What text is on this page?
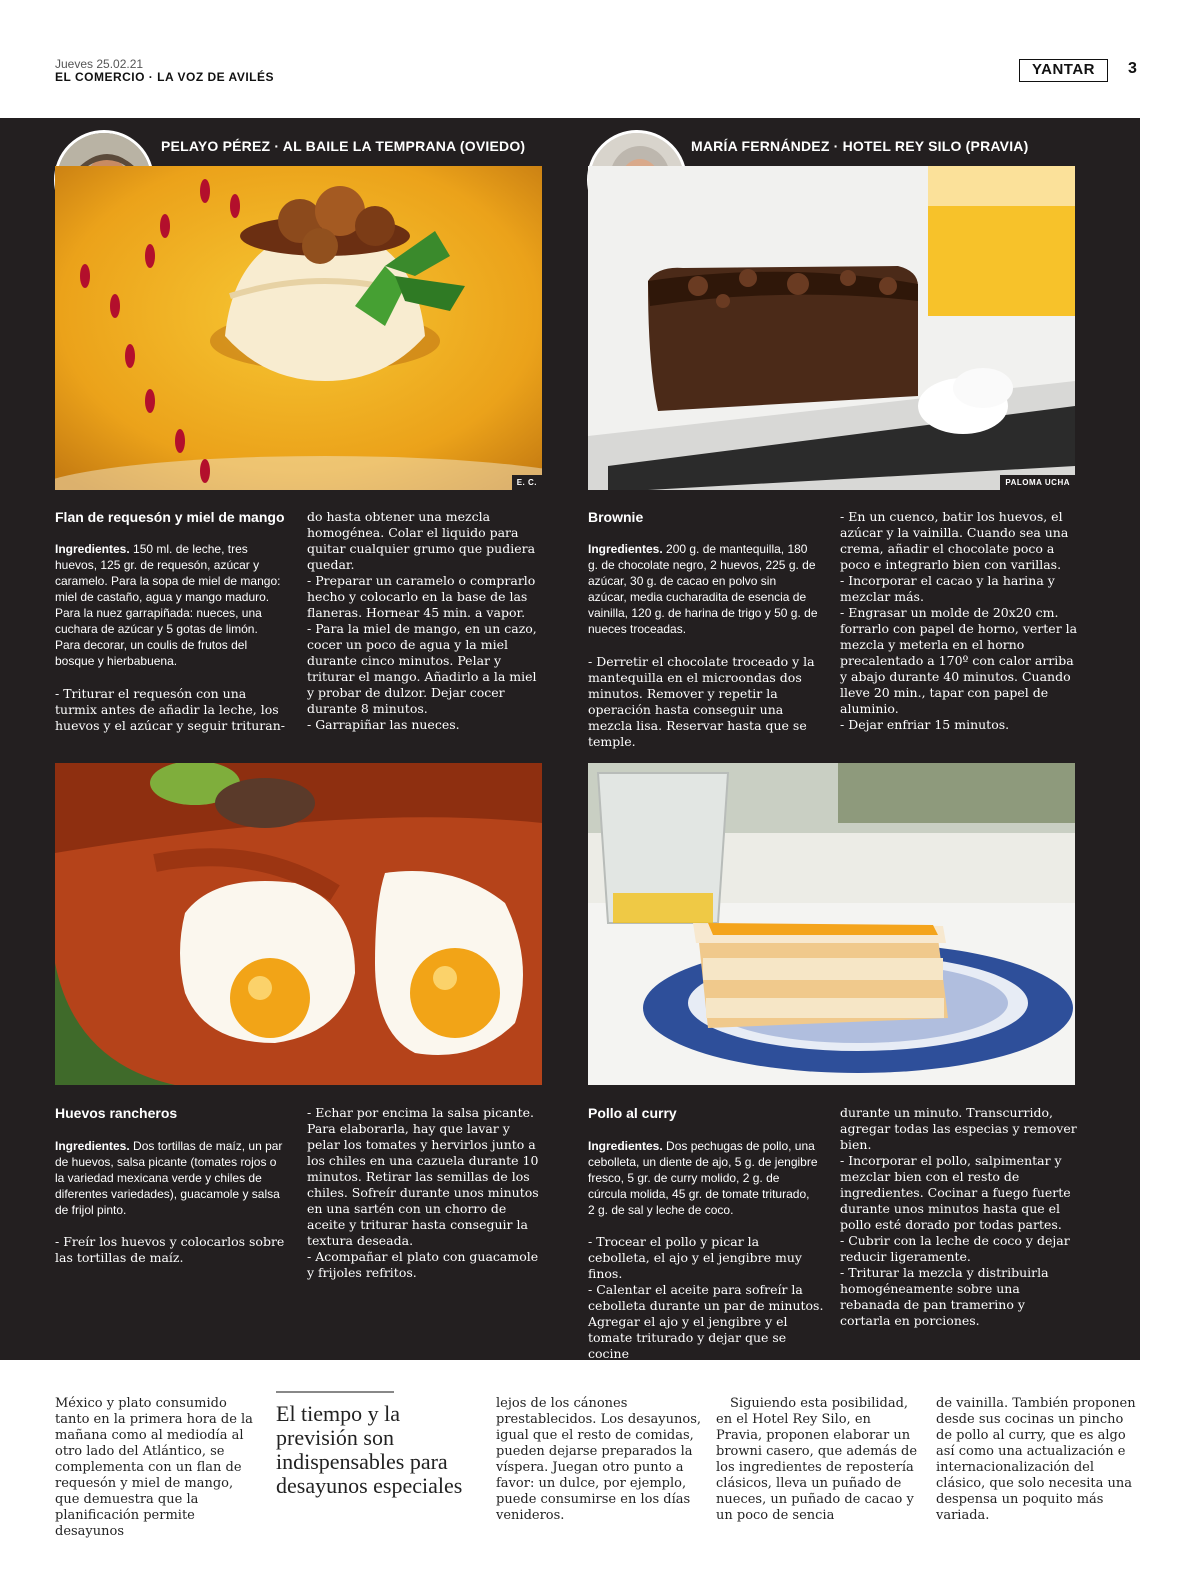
Jueves 25.02.21
EL COMERCIO · LA VOZ DE AVILÉS	YANTAR	3
PELAYO PÉREZ · AL BAILE LA TEMPRANA (OVIEDO)	MARÍA FERNÁNDEZ · HOTEL REY SILO (PRAVIA)
E. C.	PALOMA UCHA
Flan de requesón y miel de mango
Ingredientes. 150 ml. de leche, tres huevos, 125 gr. de requesón, azúcar y caramelo. Para la sopa de miel de mango: miel de castaño, agua y mango maduro. Para la nuez garrapiñada: nueces, una cuchara de azúcar y 5 gotas de limón. Para decorar, un coulis de frutos del bosque y hierbabuena.
- Triturar el requesón con una turmix antes de añadir la leche, los huevos y el azúcar y seguir trituran-
do hasta obtener una mezcla homogénea. Colar el liquido para quitar cualquier grumo que pudiera quedar.
- Preparar un caramelo o comprarlo hecho y colocarlo en la base de las flaneras. Hornear 45 min. a vapor.
- Para la miel de mango, en un cazo, cocer un poco de agua y la miel durante cinco minutos. Pelar y triturar el mango. Añadirlo a la miel y probar de dulzor. Dejar cocer durante 8 minutos.
- Garrapiñar las nueces.
Brownie
Ingredientes. 200 g. de mantequilla, 180 g. de chocolate negro, 2 huevos, 225 g. de azúcar, 30 g. de cacao en polvo sin azúcar, media cucharadita de esencia de vainilla, 120 g. de harina de trigo y 50 g. de nueces troceadas.
- Derretir el chocolate troceado y la mantequilla en el microondas dos minutos. Remover y repetir la operación hasta conseguir una mezcla lisa. Reservar hasta que se temple.
- En un cuenco, batir los huevos, el azúcar y la vainilla. Cuando sea una crema, añadir el chocolate poco a poco e integrarlo bien con varillas.
- Incorporar el cacao y la harina y mezclar más.
- Engrasar un molde de 20x20 cm. forrarlo con papel de horno, verter la mezcla y meterla en el horno precalentado a 170º con calor arriba y abajo durante 40 minutos. Cuando lleve 20 min., tapar con papel de aluminio.
- Dejar enfriar 15 minutos.
Huevos rancheros
Ingredientes. Dos tortillas de maíz, un par de huevos, salsa picante (tomates rojos o la variedad mexicana verde y chiles de diferentes variedades), guacamole y salsa de frijol pinto.
- Freír los huevos y colocarlos sobre las tortillas de maíz.
- Echar por encima la salsa picante. Para elaborarla, hay que lavar y pelar los tomates y hervirlos junto a los chiles en una cazuela durante 10 minutos. Retirar las semillas de los chiles. Sofreír durante unos minutos en una sartén con un chorro de aceite y triturar hasta conseguir la textura deseada.
- Acompañar el plato con guacamole y frijoles refritos.
Pollo al curry
Ingredientes. Dos pechugas de pollo, una cebolleta, un diente de ajo, 5 g. de jengibre fresco, 5 gr. de curry molido, 2 g. de cúrcula molida, 45 gr. de tomate triturado, 2 g. de sal y leche de coco.
- Trocear el pollo y picar la cebolleta, el ajo y el jengibre muy finos.
- Calentar el aceite para sofreír la cebolleta durante un par de minutos. Agregar el ajo y el jengibre y el tomate triturado y dejar que se cocine
durante un minuto. Transcurrido, agregar todas las especias y remover bien.
- Incorporar el pollo, salpimentar y mezclar bien con el resto de ingredientes. Cocinar a fuego fuerte durante unos minutos hasta que el pollo esté dorado por todas partes.
- Cubrir con la leche de coco y dejar reducir ligeramente.
- Triturar la mezcla y distribuirla homogéneamente sobre una rebanada de pan tramerino y cortarla en porciones.
México y plato consumido tanto en la primera hora de la mañana como al mediodía al otro lado del Atlántico, se complementa con un flan de requesón y miel de mango, que demuestra que la planificación permite desayunos
El tiempo y la previsión son indispensables para desayunos especiales
lejos de los cánones prestablecidos. Los desayunos, igual que el resto de comidas, pueden dejarse preparados la víspera. Juegan otro punto a favor: un dulce, por ejemplo, puede consumirse en los días venideros.
Siguiendo esta posibilidad, en el Hotel Rey Silo, en Pravia, proponen elaborar un browni casero, que además de los ingredientes de repostería clásicos, lleva un puñado de nueces, un puñado de cacao y un poco de sencia
de vainilla. También proponen desde sus cocinas un pincho de pollo al curry, que es algo así como una actualización e internacionalización del clásico, que solo necesita una despensa un poquito más variada.
